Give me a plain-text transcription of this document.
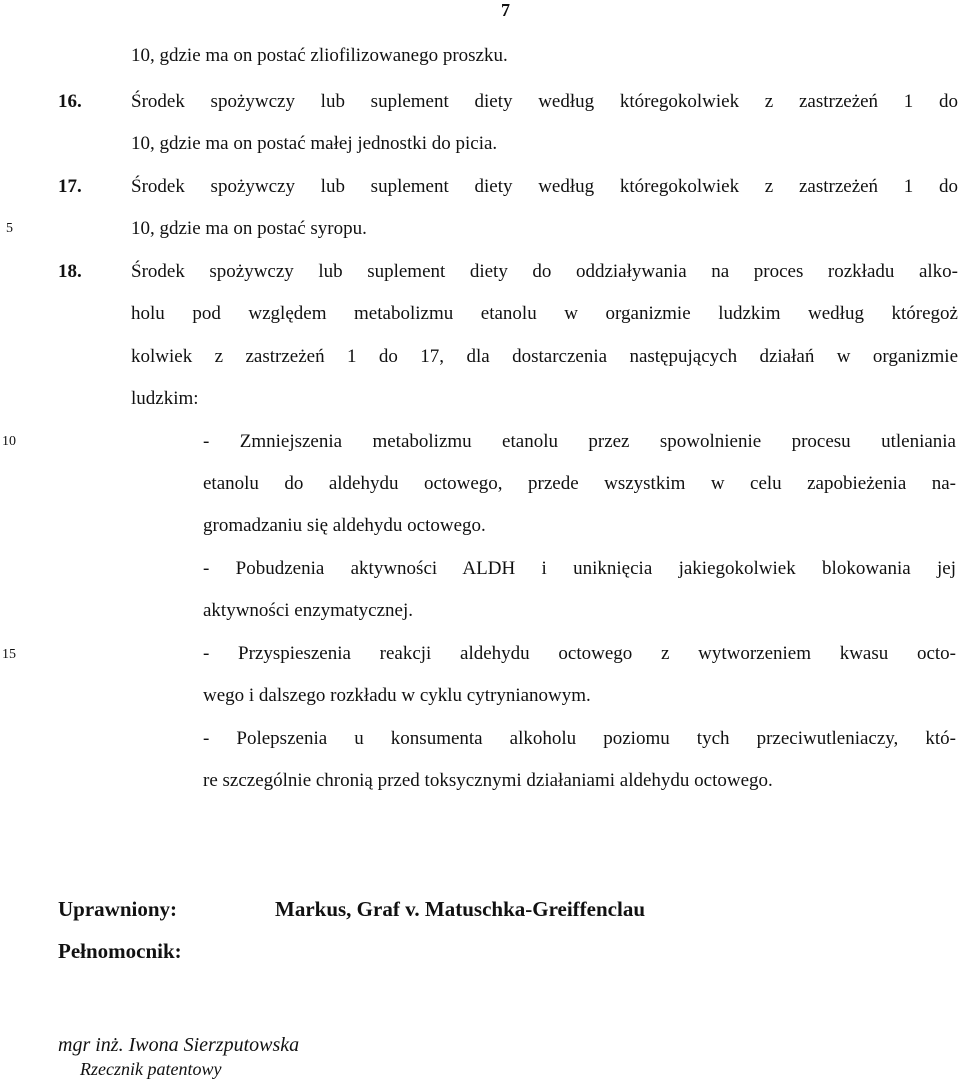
7
5
10
15
10, gdzie ma on postać zliofilizowanego proszku.
16.	Środek spożywczy lub suplement diety według któregokolwiek z zastrzeżeń 1 do
10, gdzie ma on postać małej jednostki do picia.
17.	Środek spożywczy lub suplement diety według któregokolwiek z zastrzeżeń 1 do
10, gdzie ma on postać syropu.
18.	Środek spożywczy lub suplement diety do oddziaływania na proces rozkładu alko-
holu pod względem metabolizmu etanolu w organizmie ludzkim według któregoż
kolwiek z zastrzeżeń 1 do 17, dla dostarczenia następujących działań w organizmie
ludzkim:
- Zmniejszenia metabolizmu etanolu przez spowolnienie procesu utleniania
etanolu do aldehydu octowego, przede wszystkim w celu zapobieżenia na-
gromadzaniu się aldehydu octowego.
- Pobudzenia aktywności ALDH i uniknięcia jakiegokolwiek blokowania jej
aktywności enzymatycznej.
- Przyspieszenia reakcji aldehydu octowego z wytworzeniem kwasu octo-
wego i dalszego rozkładu w cyklu cytrynianowym.
- Polepszenia u konsumenta alkoholu poziomu tych przeciwutleniaczy, któ-
re szczególnie chronią przed toksycznymi działaniami aldehydu octowego.
Uprawniony:	Markus, Graf v. Matuschka-Greiffenclau
Pełnomocnik:
mgr inż. Iwona Sierzputowska
Rzecznik patentowy
